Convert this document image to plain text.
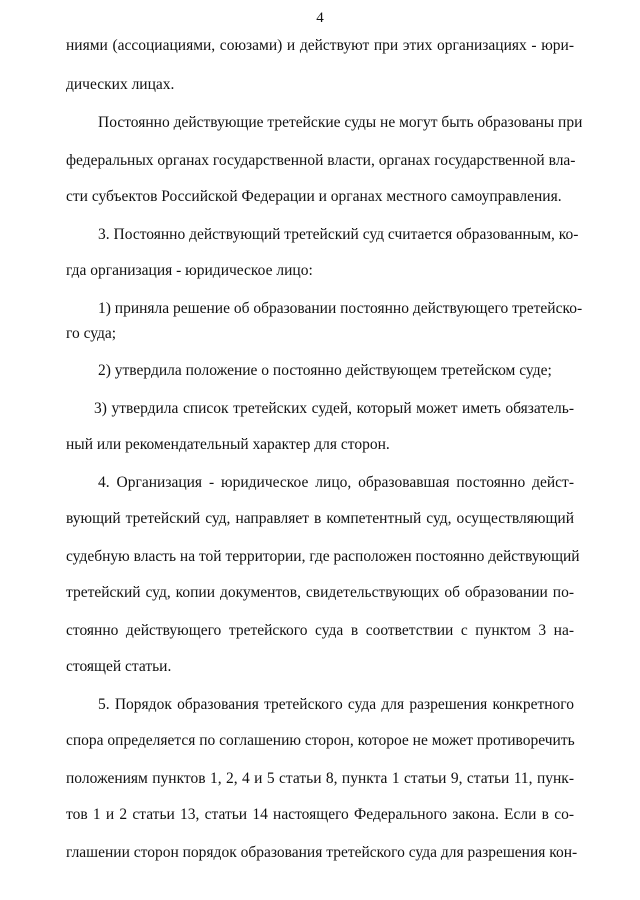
4
ниями (ассоциациями, союзами) и действуют при этих организациях - юри-
дических лицах.
Постоянно действующие третейские суды не могут быть образованы при
федеральных органах государственной власти, органах государственной вла-
сти субъектов Российской Федерации и органах местного самоуправления.
3. Постоянно действующий третейский суд считается образованным, ко-
гда организация - юридическое лицо:
1) приняла решение об образовании постоянно действующего третейско-
го суда;
2) утвердила положение о постоянно действующем третейском суде;
3) утвердила список третейских судей, который может иметь обязатель-
ный или рекомендательный характер для сторон.
4. Организация - юридическое лицо, образовавшая постоянно дейст-
вующий третейский суд, направляет в компетентный суд, осуществляющий
судебную власть на той территории, где расположен постоянно действующий
третейский суд, копии документов, свидетельствующих об образовании по-
стоянно действующего третейского суда в соответствии с пунктом 3 на-
стоящей статьи.
5. Порядок образования третейского суда для разрешения конкретного
спора определяется по соглашению сторон, которое не может противоречить
положениям пунктов 1, 2, 4 и 5 статьи 8, пункта 1 статьи 9, статьи 11, пунк-
тов 1 и 2 статьи 13, статьи 14 настоящего Федерального закона. Если в со-
глашении сторон порядок образования третейского суда для разрешения кон-
